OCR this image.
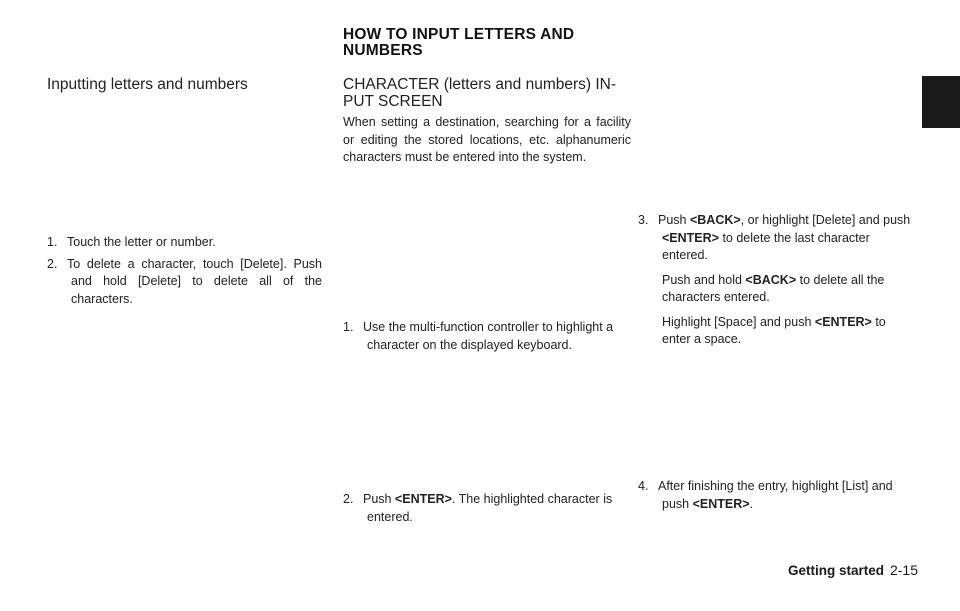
HOW TO INPUT LETTERS AND
NUMBERS
Inputting letters and numbers
1. Touch the letter or number.
2. To delete a character, touch [Delete]. Push and hold [Delete] to delete all of the characters.
CHARACTER (letters and numbers) IN-
PUT SCREEN
When setting a destination, searching for a facility or editing the stored locations, etc. alphanumeric characters must be entered into the system.
1. Use the multi-function controller to highlight a character on the displayed keyboard.
2. Push <ENTER>. The highlighted character is entered.
3. Push <BACK>, or highlight [Delete] and push <ENTER> to delete the last character entered.
Push and hold <BACK> to delete all the characters entered.
Highlight [Space] and push <ENTER> to enter a space.
4. After finishing the entry, highlight [List] and push <ENTER>.
Getting started 2-15
